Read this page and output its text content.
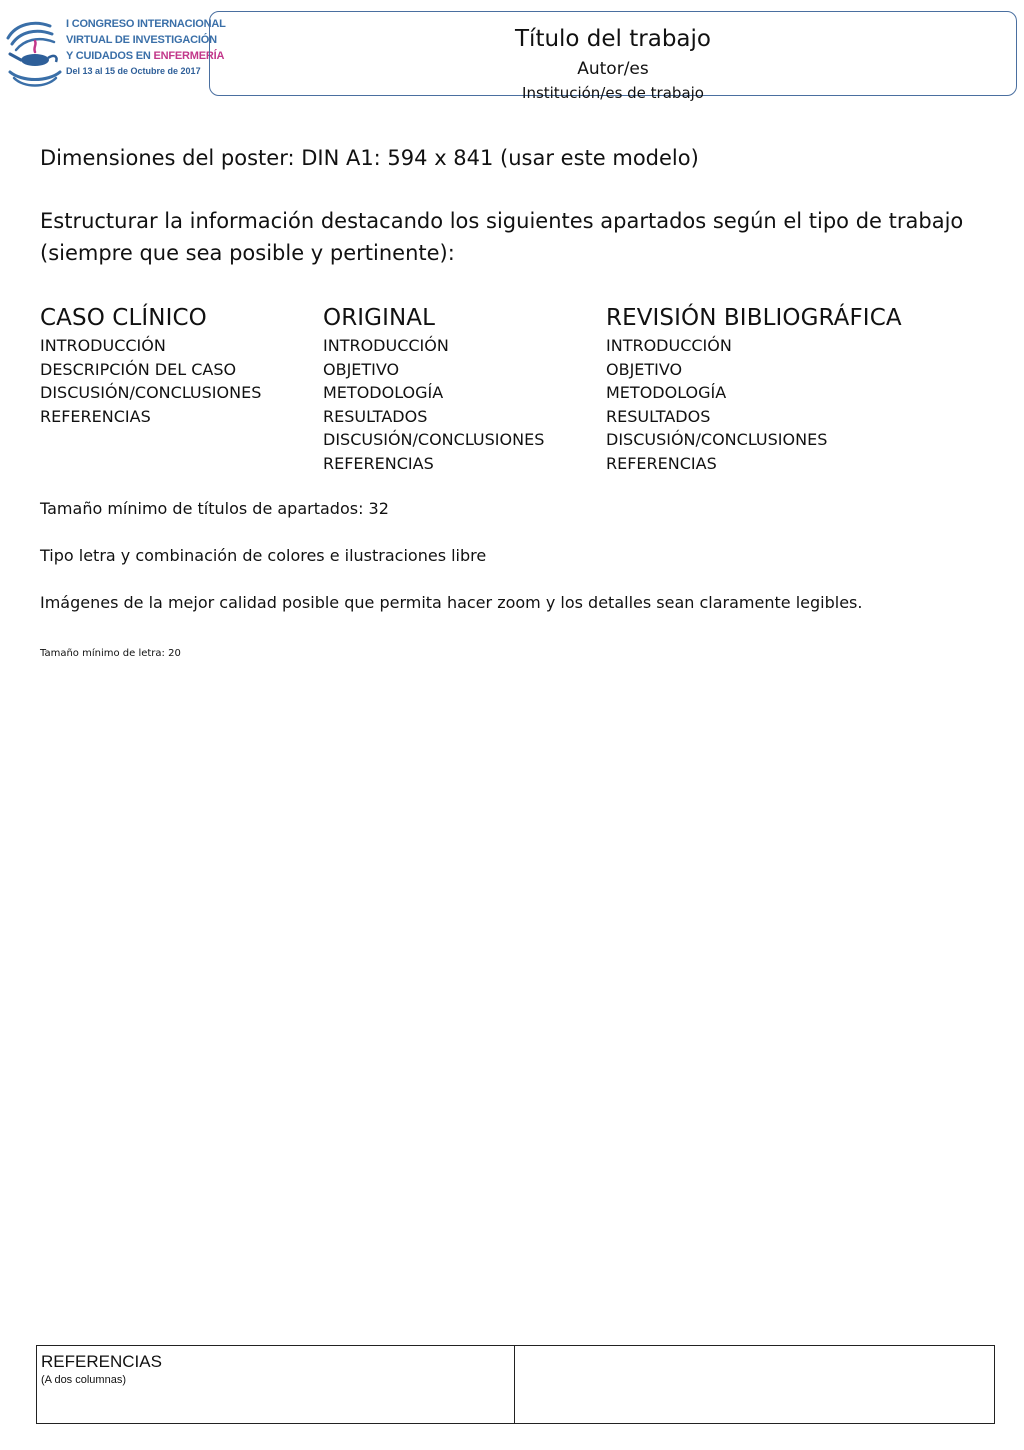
I CONGRESO INTERNACIONAL
VIRTUAL DE INVESTIGACIÓN
Y CUIDADOS EN ENFERMERÍA
Del 13 al 15 de Octubre de 2017
Título del trabajo
Autor/es
Institución/es de trabajo
Dimensiones del poster: DIN A1: 594 x 841 (usar este modelo)
Estructurar la información destacando los siguientes apartados según el tipo de trabajo
(siempre que sea posible y pertinente):
CASO CLÍNICO
INTRODUCCIÓN
DESCRIPCIÓN DEL CASO
DISCUSIÓN/CONCLUSIONES
REFERENCIAS
ORIGINAL
INTRODUCCIÓN
OBJETIVO
METODOLOGÍA
RESULTADOS
DISCUSIÓN/CONCLUSIONES
REFERENCIAS
REVISIÓN BIBLIOGRÁFICA
INTRODUCCIÓN
OBJETIVO
METODOLOGÍA
RESULTADOS
DISCUSIÓN/CONCLUSIONES
REFERENCIAS
Tamaño mínimo de títulos de apartados: 32
Tipo letra y combinación de colores e ilustraciones libre
Imágenes de la mejor calidad posible que permita hacer zoom y los detalles sean claramente legibles.
Tamaño mínimo de letra: 20
REFERENCIAS
(A dos columnas)
